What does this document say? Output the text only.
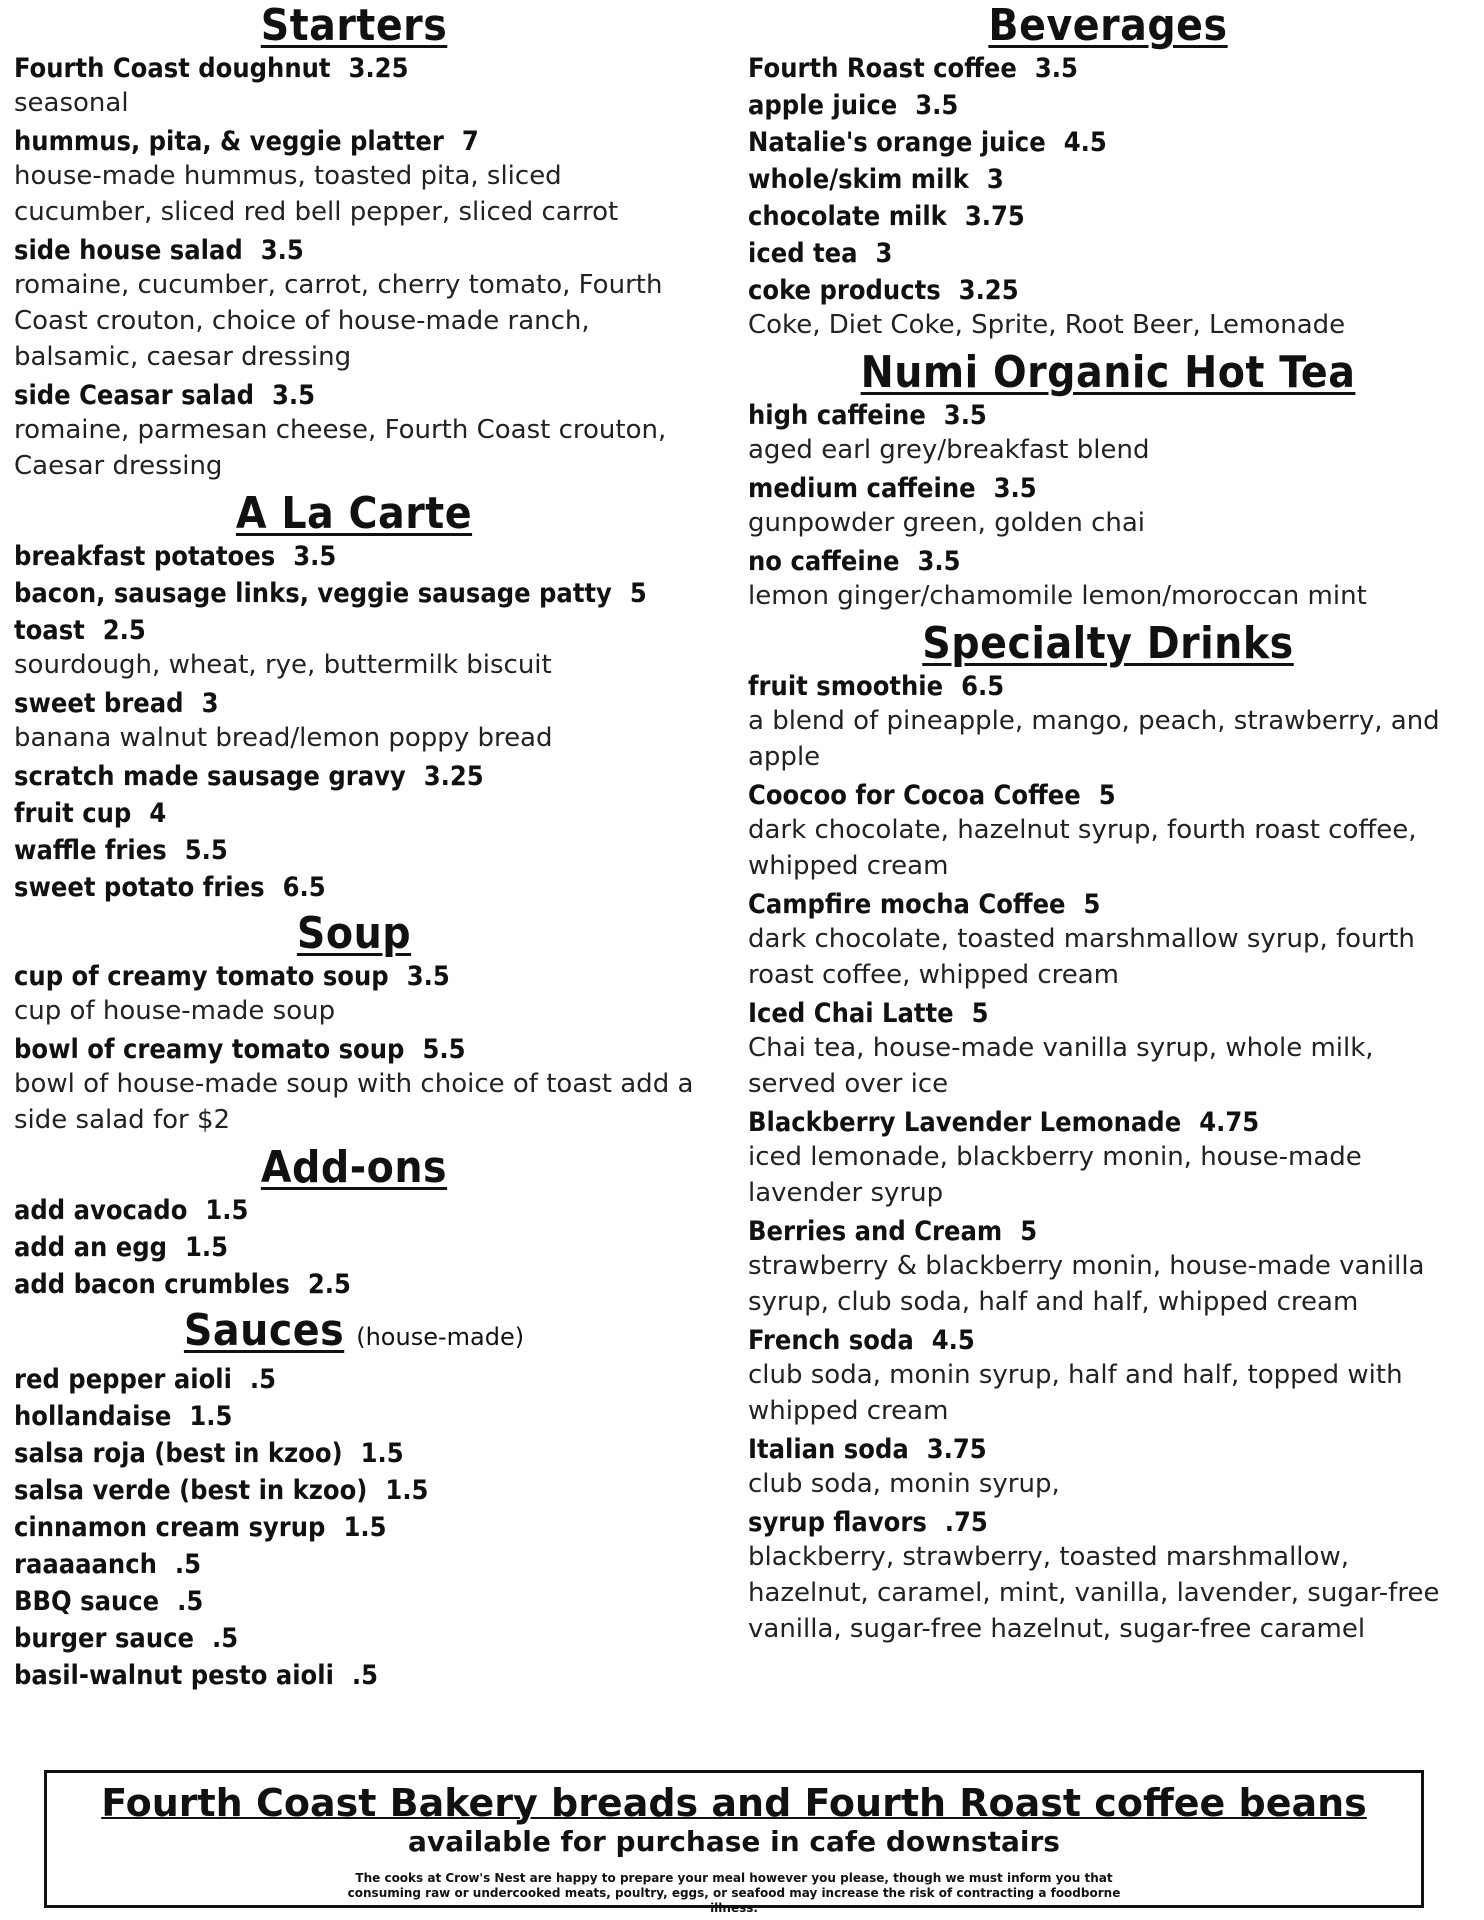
Starters
Fourth Coast doughnut 3.25
seasonal
hummus, pita, & veggie platter 7
house-made hummus, toasted pita, sliced cucumber, sliced red bell pepper, sliced carrot
side house salad 3.5
romaine, cucumber, carrot, cherry tomato, Fourth Coast crouton, choice of house-made ranch, balsamic, caesar dressing
side Ceasar salad 3.5
romaine, parmesan cheese, Fourth Coast crouton, Caesar dressing
A La Carte
breakfast potatoes 3.5
bacon, sausage links, veggie sausage patty 5
toast 2.5
sourdough, wheat, rye, buttermilk biscuit
sweet bread 3
banana walnut bread/lemon poppy bread
scratch made sausage gravy 3.25
fruit cup 4
waffle fries 5.5
sweet potato fries 6.5
Soup
cup of creamy tomato soup 3.5
cup of house-made soup
bowl of creamy tomato soup 5.5
bowl of house-made soup with choice of toast add a side salad for $2
Add-ons
add avocado 1.5
add an egg 1.5
add bacon crumbles 2.5
Sauces (house-made)
red pepper aioli .5
hollandaise 1.5
salsa roja (best in kzoo) 1.5
salsa verde (best in kzoo) 1.5
cinnamon cream syrup 1.5
raaaaanch .5
BBQ sauce .5
burger sauce .5
basil-walnut pesto aioli .5
Beverages
Fourth Roast coffee 3.5
apple juice 3.5
Natalie's orange juice 4.5
whole/skim milk 3
chocolate milk 3.75
iced tea 3
coke products 3.25
Coke, Diet Coke, Sprite, Root Beer, Lemonade
Numi Organic Hot Tea
high caffeine 3.5
aged earl grey/breakfast blend
medium caffeine 3.5
gunpowder green, golden chai
no caffeine 3.5
lemon ginger/chamomile lemon/moroccan mint
Specialty Drinks
fruit smoothie 6.5
a blend of pineapple, mango, peach, strawberry, and apple
Coocoo for Cocoa Coffee 5
dark chocolate, hazelnut syrup, fourth roast coffee, whipped cream
Campfire mocha Coffee 5
dark chocolate, toasted marshmallow syrup, fourth roast coffee, whipped cream
Iced Chai Latte 5
Chai tea, house-made vanilla syrup, whole milk, served over ice
Blackberry Lavender Lemonade 4.75
iced lemonade, blackberry monin, house-made lavender syrup
Berries and Cream 5
strawberry & blackberry monin, house-made vanilla syrup, club soda, half and half, whipped cream
French soda 4.5
club soda, monin syrup, half and half, topped with whipped cream
Italian soda 3.75
club soda, monin syrup,
syrup flavors .75
blackberry, strawberry, toasted marshmallow, hazelnut, caramel, mint, vanilla, lavender, sugar-free vanilla, sugar-free hazelnut, sugar-free caramel
Fourth Coast Bakery breads and Fourth Roast coffee beans
available for purchase in cafe downstairs
The cooks at Crow's Nest are happy to prepare your meal however you please, though we must inform you that consuming raw or undercooked meats, poultry, eggs, or seafood may increase the risk of contracting a foodborne illness.
